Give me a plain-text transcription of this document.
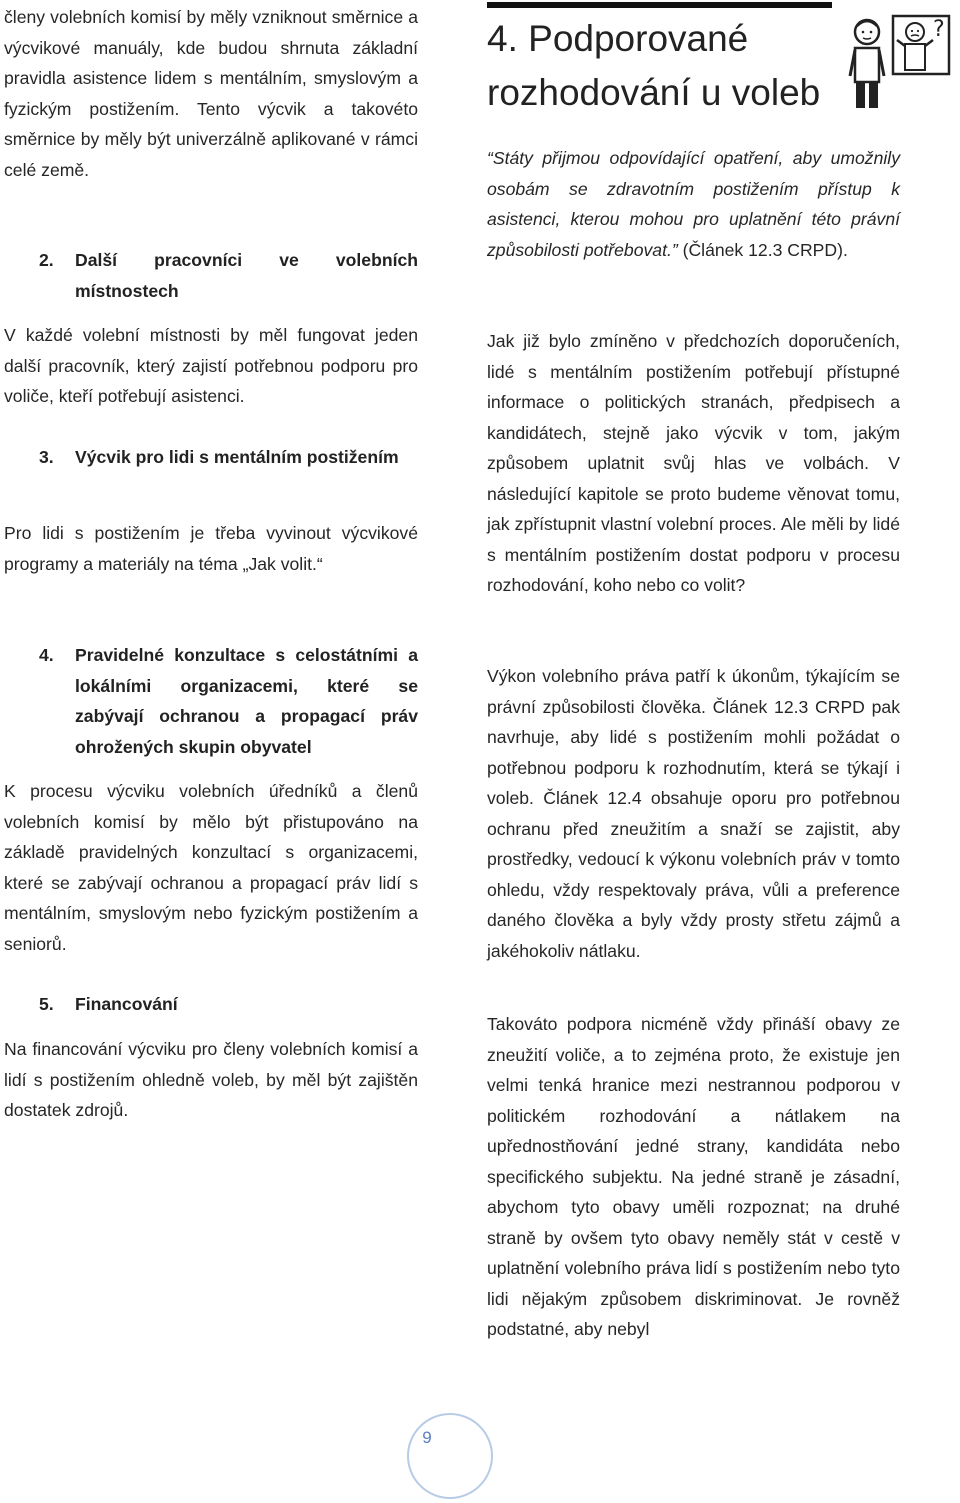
členy volebních komisí by měly vzniknout směrnice a výcvikové manuály, kde budou shrnuta základní pravidla asistence lidem s mentálním, smyslovým a fyzickým postižením. Tento výcvik a takovéto směrnice by měly být univerzálně aplikované v rámci celé země.

2. Další pracovníci ve volebních místnostech

V každé volební místnosti by měl fungovat jeden další pracovník, který zajistí potřebnou podporu pro voliče, kteří potřebují asistenci.

3. Výcvik pro lidi s mentálním postižením

Pro lidi s postižením je třeba vyvinout výcvikové programy a materiály na téma „Jak volit.“

4. Pravidelné konzultace s celostátními a lokálními organizacemi, které se zabývají ochranou a propagací práv ohrožených skupin obyvatel

K procesu výcviku volebních úředníků a členů volebních komisí by mělo být přistupováno na základě pravidelných konzultací s organizacemi, které se zabývají ochranou a propagací práv lidí s mentálním, smyslovým nebo fyzickým postižením a seniorů.

5. Financování

Na financování výcviku pro členy volebních komisí a lidí s postižením ohledně voleb, by měl být zajištěn dostatek zdrojů.

4. Podporované
rozhodování u voleb
?

“Státy přijmou odpovídající opatření, aby umožnily osobám se zdravotním postižením přístup k asistenci, kterou mohou pro uplatnění této právní způsobilosti potřebovat.” (Článek 12.3 CRPD).

Jak již bylo zmíněno v předchozích doporučeních, lidé s mentálním postižením potřebují přístupné informace o politických stranách, předpisech a kandidátech, stejně jako výcvik v tom, jakým způsobem uplatnit svůj hlas ve volbách. V následující kapitole se proto budeme věnovat tomu, jak zpřístupnit vlastní volební proces. Ale měli by lidé s mentálním postižením dostat podporu v procesu rozhodování, koho nebo co volit?

Výkon volebního práva patří k úkonům, týkajícím se právní způsobilosti člověka. Článek 12.3 CRPD pak navrhuje, aby lidé s postižením mohli požádat o potřebnou podporu k rozhodnutím, která se týkají i voleb. Článek 12.4 obsahuje oporu pro potřebnou ochranu před zneužitím a snaží se zajistit, aby prostředky, vedoucí k výkonu volebních práv v tomto ohledu, vždy respektovaly práva, vůli a preference daného člověka a byly vždy prosty střetu zájmů a jakéhokoliv nátlaku.

Takováto podpora nicméně vždy přináší obavy ze zneužití voliče, a to zejména proto, že existuje jen velmi tenká hranice mezi nestrannou podporou v politickém rozhodování a nátlakem na upřednostňování jedné strany, kandidáta nebo specifického subjektu. Na jedné straně je zásadní, abychom tyto obavy uměli rozpoznat; na druhé straně by ovšem tyto obavy neměly stát v cestě v uplatnění volebního práva lidí s postižením nebo tyto lidi nějakým způsobem diskriminovat. Je rovněž podstatné, aby nebyl

9
